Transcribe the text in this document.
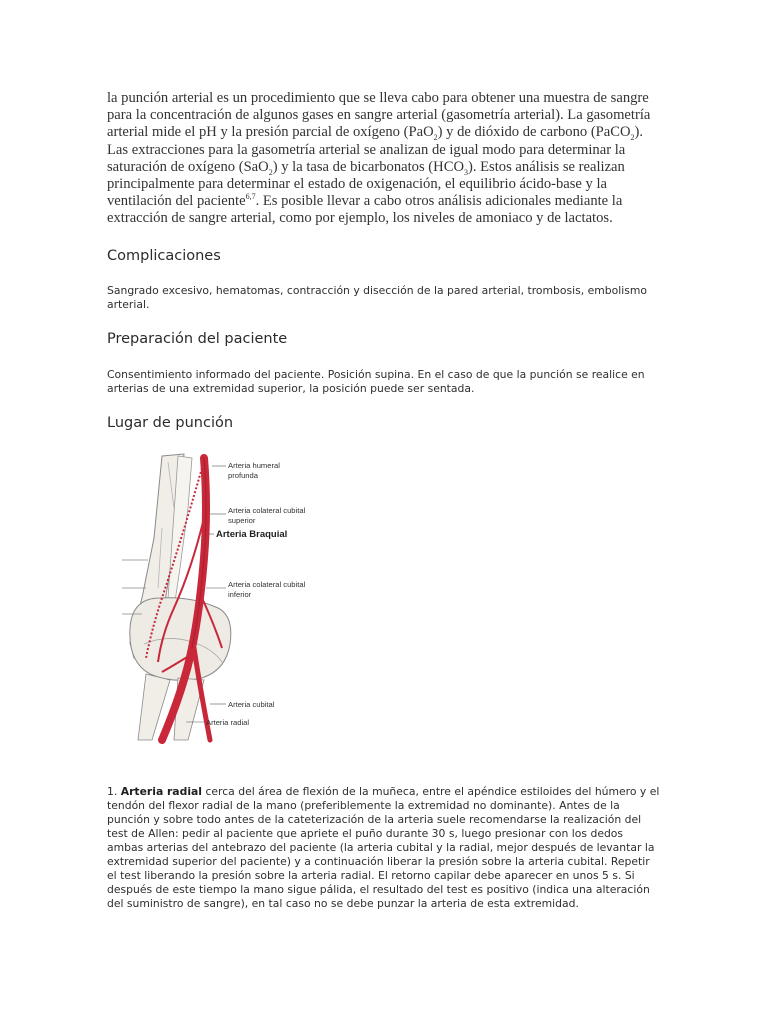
la punción arterial es un procedimiento que se lleva cabo para obtener una muestra de sangre para la concentración de algunos gases en sangre arterial (gasometría arterial). La gasometría arterial mide el pH y la presión parcial de oxígeno (PaO$_2$) y de dióxido de carbono (PaCO$_2$). Las extracciones para la gasometría arterial se analizan de igual modo para determinar la saturación de oxígeno (SaO$_2$) y la tasa de bicarbonatos $(HCO_3)$. Estos análisis se realizan principalmente para determinar el estado de oxigenación, el equilibrio ácido-base y la ventilación del paciente$^{6,7}$. Es posible llevar a cabo otros análisis adicionales mediante la extracción de sangre arterial, como por ejemplo, los niveles de amoniaco y de lactatos.

Complicaciones

Sangrado excesivo, hematomas, contracción y disección de la pared arterial, trombosis, embolismo arterial.

Preparación del paciente

Consentimiento informado del paciente. Posición supina. En el caso de que la punción se realice en arterias de una extremidad superior, la posición puede ser sentada.

Lugar de punción
Arteria humeral
profunda
Arteria colateral cubital
superior
Arteria Braquial
Arteria colateral cubital
inferior
Arteria cubital
Arteria radial

1. Arteria radial cerca del área de flexión de la muñeca, entre el apéndice estiloides del húmero y el tendón del flexor radial de la mano (preferiblemente la extremidad no dominante). Antes de la punción y sobre todo antes de la cateterización de la arteria suele recomendarse la realización del test de Allen: pedir al paciente que apriete el puño durante 30 s, luego presionar con los dedos ambas arterias del antebrazo del paciente (la arteria cubital y la radial, mejor después de levantar la extremidad superior del paciente) y a continuación liberar la presión sobre la arteria cubital. Repetir el test liberando la presión sobre la arteria radial. El retorno capilar debe aparecer en unos 5 s. Si después de este tiempo la mano sigue pálida, el resultado del test es positivo (indica una alteración del suministro de sangre), en tal caso no se debe punzar la arteria de esta extremidad.
